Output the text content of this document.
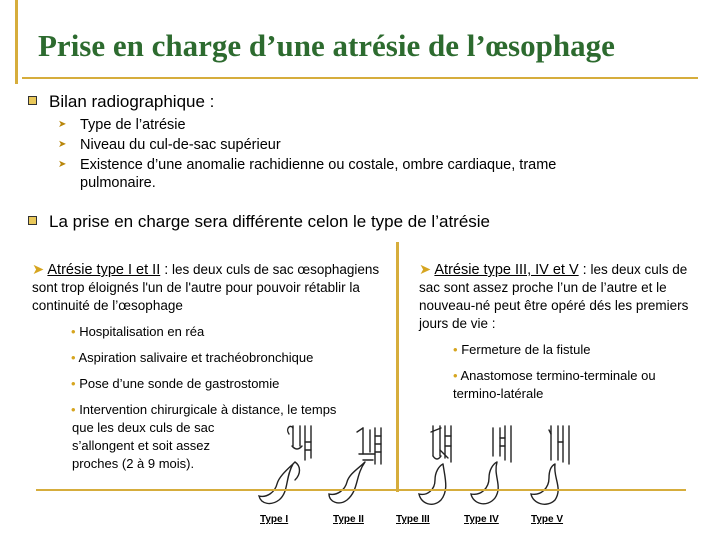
Prise en charge d’une atrésie de l’œsophage
Bilan radiographique :
➤ Type de l’atrésie
➤ Niveau du cul-de-sac supérieur
➤ Existence d’une anomalie rachidienne ou costale, ombre cardiaque, trame
pulmonaire.
La prise en charge sera différente celon le type de l’atrésie
➤ Atrésie type I et II : les deux culs de sac œsophagiens sont trop éloignés l'un de l'autre pour pouvoir rétablir la continuité de l’œsophage
• Hospitalisation en réa
• Aspiration salivaire et trachéobronchique
• Pose d’une sonde de gastrostomie
• Intervention chirurgicale à distance, le temps
que les deux culs de sac
s’allongent et soit assez
proches (2 à 9 mois).
➤ Atrésie type III, IV et V : les deux culs de sac sont assez proche l’un de l’autre et le nouveau-né peut être opéré dés les premiers jours de vie :
• Fermeture de la fistule
• Anastomose termino-terminale ou termino-latérale
Type I	Type II	Type III	Type IV	Type V
